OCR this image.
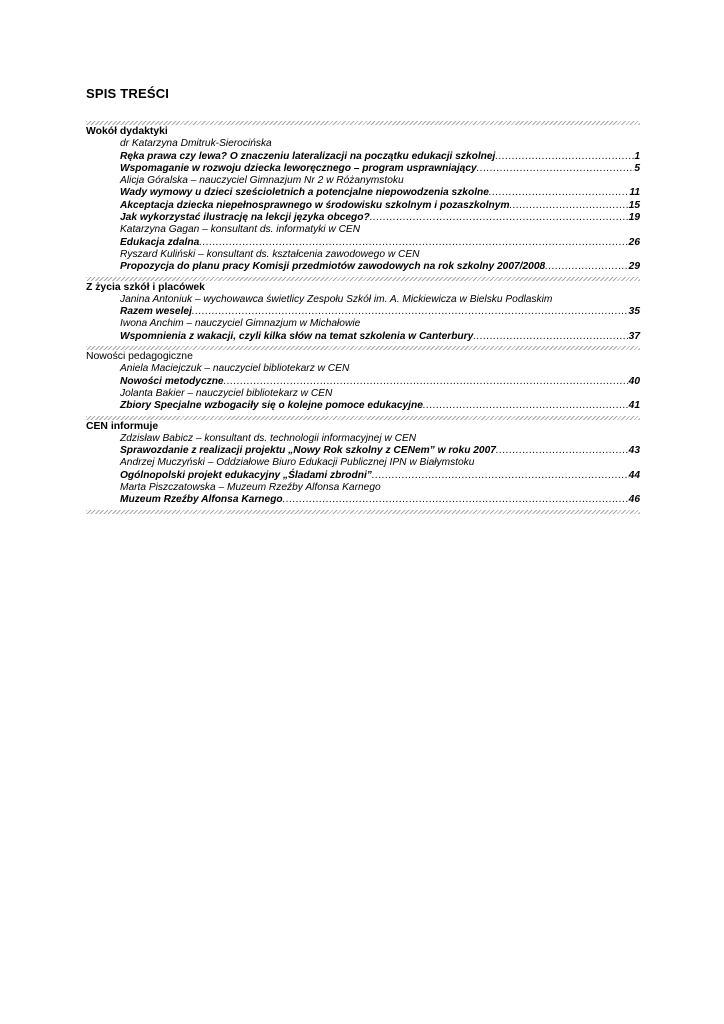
SPIS TREŚCI
Wokół dydaktyki
dr Katarzyna Dmitruk-Sierocińska
Ręka prawa czy lewa? O znaczeniu lateralizacji na początku edukacji szkolnej .....	1
Wspomaganie w rozwoju dziecka leworęcznego – program usprawniający .....	5
Alicja Góralska – nauczyciel Gimnazjum Nr 2 w Różanymstoku
Wady wymowy u dzieci sześcioletnich a potencjalne niepowodzenia szkolne .....	11
Akceptacja dziecka niepełnosprawnego w środowisku szkolnym i pozaszkolnym .....	15
Jak wykorzystać ilustrację na lekcji języka obcego? .....	19
Katarzyna Gagan – konsultant ds. informatyki w CEN
Edukacja zdalna .....	26
Ryszard Kuliński – konsultant ds. kształcenia zawodowego w CEN
Propozycja do planu pracy Komisji przedmiotów zawodowych na rok szkolny 2007/2008 .....	29
Z życia szkół i placówek
Janina Antoniuk – wychowawca świetlicy Zespołu Szkół im. A. Mickiewicza w Bielsku Podlaskim
Razem weselej .....	35
Iwona Anchim – nauczyciel Gimnazjum w Michałowie
Wspomnienia z wakacji, czyli kilka słów na temat szkolenia w Canterbury .....	37
Nowości pedagogiczne
Aniela Maciejczuk – nauczyciel bibliotekarz w CEN
Nowości metodyczne .....	40
Jolanta Bakier – nauczyciel bibliotekarz w CEN
Zbiory Specjalne wzbogaciły się o kolejne pomoce edukacyjne .....	41
CEN informuje
Zdzisław Babicz – konsultant ds. technologii informacyjnej w CEN
Sprawozdanie z realizacji projektu „Nowy Rok szkolny z CENem” w roku 2007 .....	43
Andrzej Muczyński – Oddziałowe Biuro Edukacji Publicznej IPN w Białymstoku
Ogólnopolski projekt edukacyjny „Śladami zbrodni” .....	44
Marta Piszczatowska – Muzeum Rzeźby Alfonsa Karnego
Muzeum Rzeźby Alfonsa Karnego .....	46
